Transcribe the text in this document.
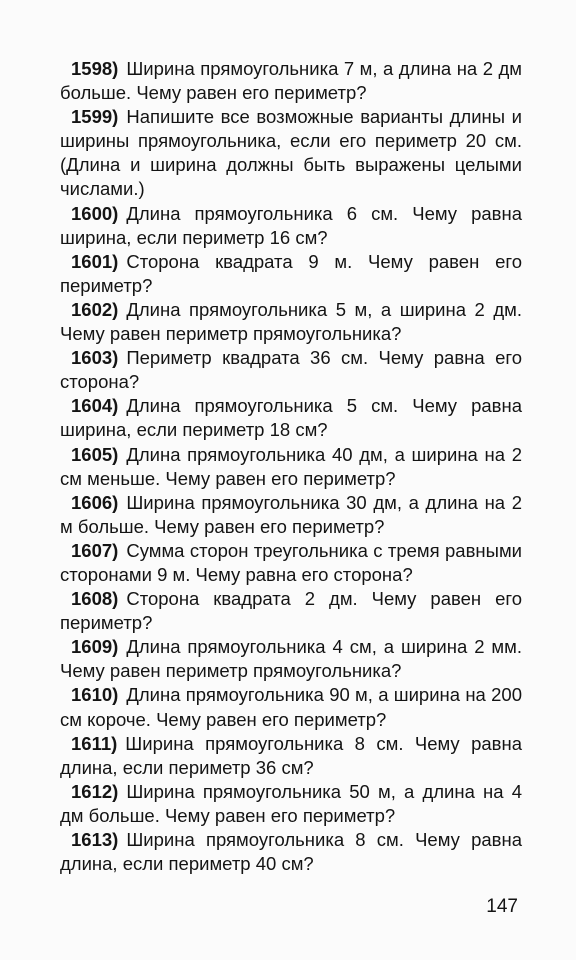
1598) Ширина прямоугольника 7 м, а длина на 2 дм больше. Чему равен его периметр?

1599) Напишите все возможные варианты длины и ширины прямоугольника, если его периметр 20 см. (Длина и ширина должны быть выражены целыми числами.)

1600) Длина прямоугольника 6 см. Чему равна ширина, если периметр 16 см?

1601) Сторона квадрата 9 м. Чему равен его периметр?

1602) Длина прямоугольника 5 м, а ширина 2 дм. Чему равен периметр прямоугольника?

1603) Периметр квадрата 36 см. Чему равна его сторона?

1604) Длина прямоугольника 5 см. Чему равна ширина, если периметр 18 см?

1605) Длина прямоугольника 40 дм, а ширина на 2 см меньше. Чему равен его периметр?

1606) Ширина прямоугольника 30 дм, а длина на 2 м больше. Чему равен его периметр?

1607) Сумма сторон треугольника с тремя равными сторонами 9 м. Чему равна его сторона?

1608) Сторона квадрата 2 дм. Чему равен его периметр?

1609) Длина прямоугольника 4 см, а ширина 2 мм. Чему равен периметр прямоугольника?

1610) Длина прямоугольника 90 м, а ширина на 200 см короче. Чему равен его периметр?

1611) Ширина прямоугольника 8 см. Чему равна длина, если периметр 36 см?

1612) Ширина прямоугольника 50 м, а длина на 4 дм больше. Чему равен его периметр?

1613) Ширина прямоугольника 8 см. Чему равна длина, если периметр 40 см?

147
